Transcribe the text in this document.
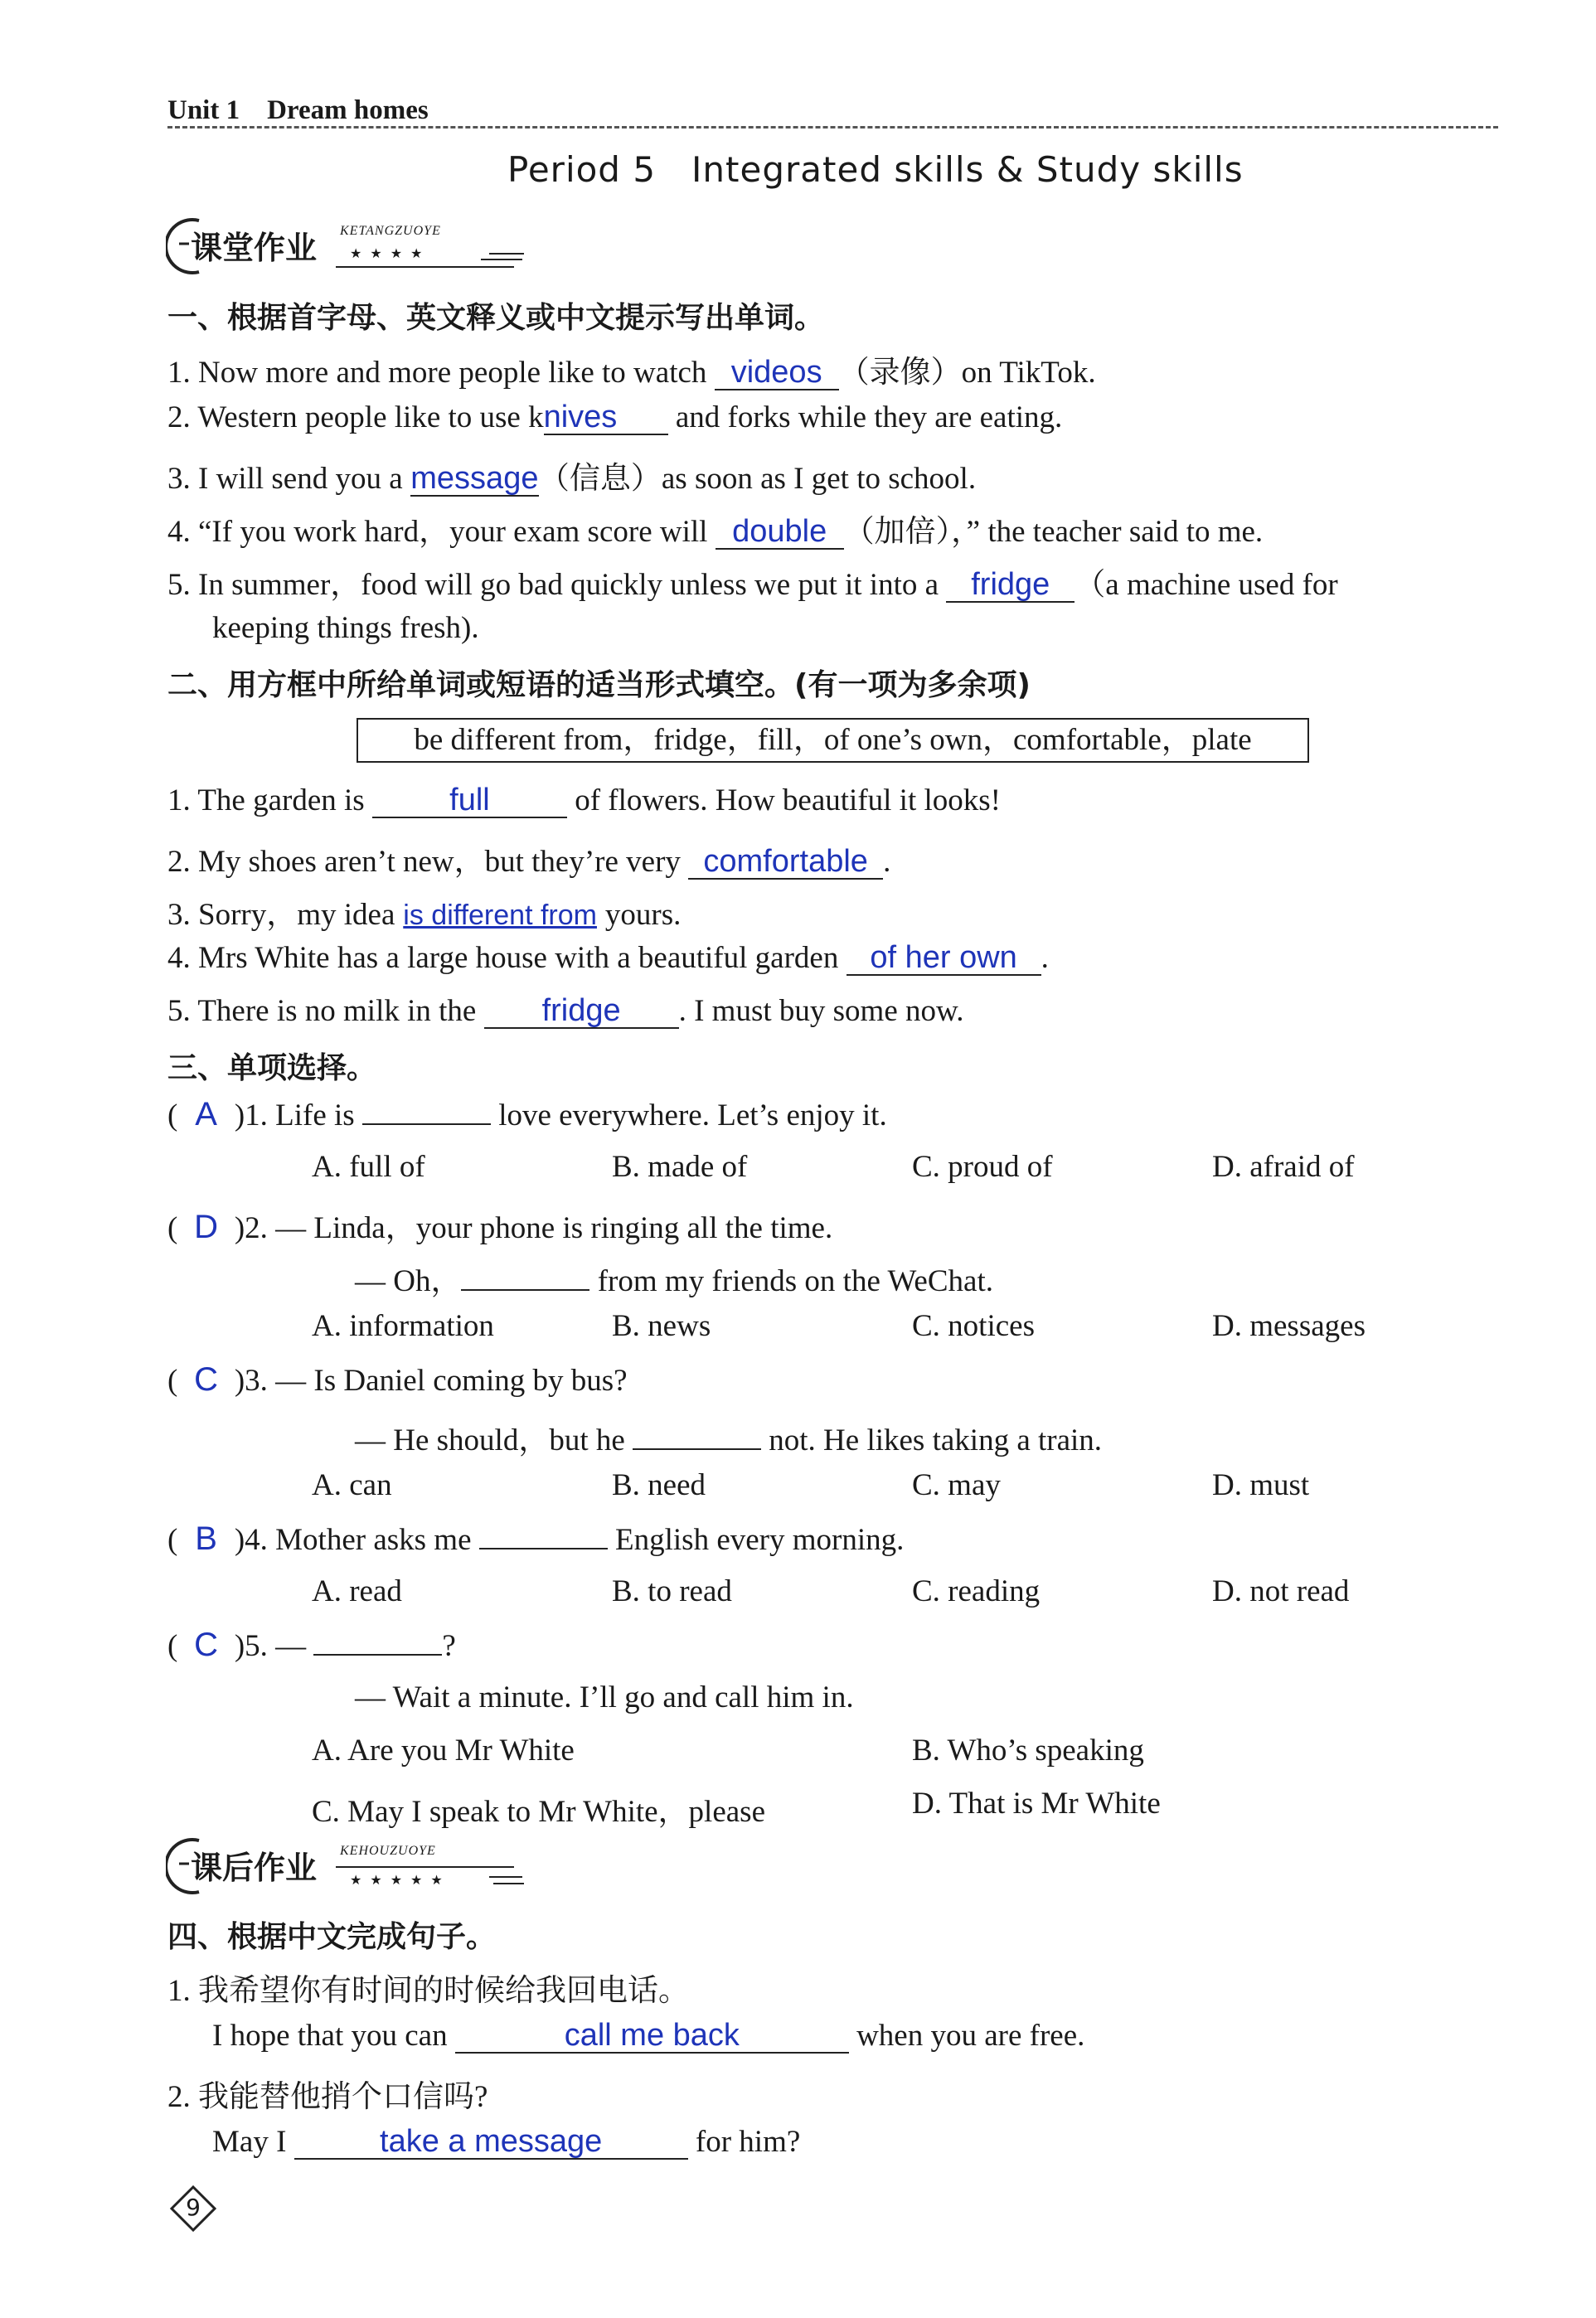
Unit 1　Dream homes
Period 5　Integrated skills & Study skills
课堂作业 KETANGZUOYE
★★★★
一、根据首字母、英文释义或中文提示写出单词。
1. Now more and more people like to watch videos （录像）on TikTok.
2. Western people like to use knives and forks while they are eating.
3. I will send you a message（信息）as soon as I get to school.
4. “If you work hard，your exam score will double （加倍），” the teacher said to me.
5. In summer，food will go bad quickly unless we put it into a fridge （a machine used for
keeping things fresh).
二、用方框中所给单词或短语的适当形式填空。(有一项为多余项)
be different from，fridge，fill，of one’s own，comfortable，plate
1. The garden is full	of flowers. How beautiful it looks!
2. My shoes aren’t new，but they’re very comfortable .
3. Sorry，my idea is different from yours.
4. Mrs White has a large house with a beautiful garden of her own .
5. There is no milk in the fridge . I must buy some now.
三、单项选择。
( A )1. Life is	love everywhere. Let’s enjoy it.
A. full of	B. made of	C. proud of	D. afraid of
( D )2. — Linda，your phone is ringing all the time.
— Oh，	from my friends on the WeChat.
A. information	B. news	C. notices	D. messages
( C )3. — Is Daniel coming by bus?
— He should，but he	not. He likes taking a train.
A. can	B. need	C. may	D. must
( B )4. Mother asks me	English every morning.
A. read	B. to read	C. reading	D. not read
( C )5. —	?
— Wait a minute. I’ll go and call him in.
A. Are you Mr White	B. Who’s speaking
C. May I speak to Mr White，please	D. That is Mr White
课后作业 KEHOUZUOYE
★★★★★
四、根据中文完成句子。
1. 我希望你有时间的时候给我回电话。
I hope that you can	call me back	when you are free.
2. 我能替他捎个口信吗?
May I	take a message	for him?
9
